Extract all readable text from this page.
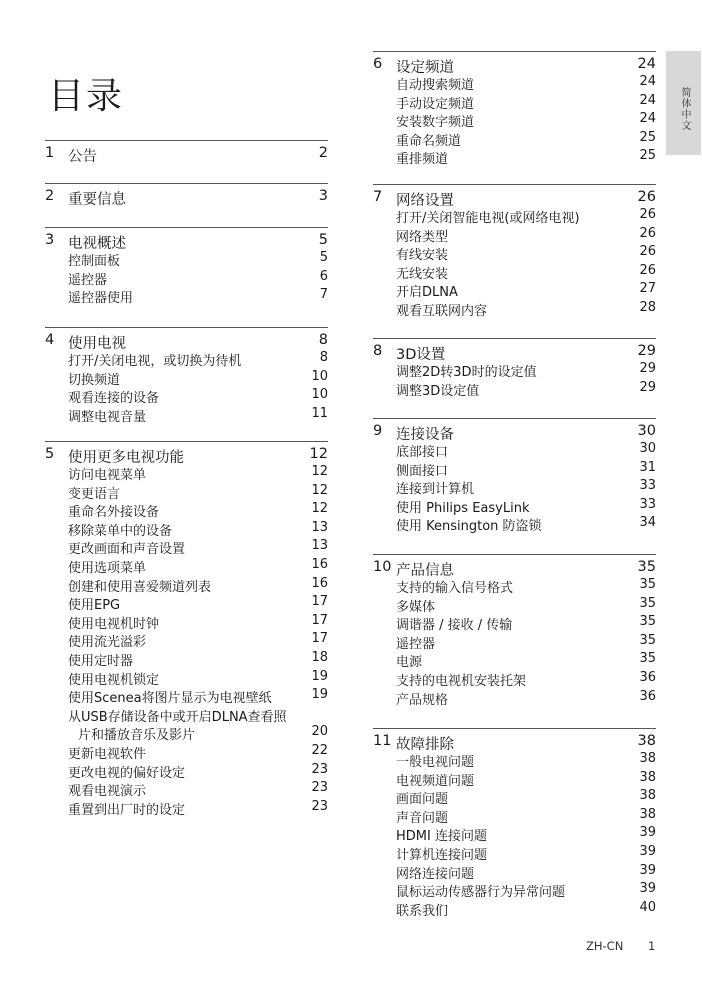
目录	简体中文
1 公告	2
2 重要信息	3
3 电视概述	5
控制面板	5
遥控器	6
遥控器使用	7
4 使用电视	8
打开/关闭电视，或切换为待机	8
切换频道	10
观看连接的设备	10
调整电视音量	11
5 使用更多电视功能	12
访问电视菜单	12
变更语言	12
重命名外接设备	12
移除菜单中的设备	13
更改画面和声音设置	13
使用选项菜单	16
创建和使用喜爱频道列表	16
使用EPG	17
使用电视机时钟	17
使用流光溢彩	17
使用定时器	18
使用电视机锁定	19
使用Scenea将图片显示为电视壁纸	19
从USB存储设备中或开启DLNA查看照
片和播放音乐及影片	20
更新电视软件	22
更改电视的偏好设定	23
观看电视演示	23
重置到出厂时的设定	23
6 设定频道	24
自动搜索频道	24
手动设定频道	24
安装数字频道	24
重命名频道	25
重排频道	25
7 网络设置	26
打开/关闭智能电视(或网络电视)	26
网络类型	26
有线安装	26
无线安装	26
开启DLNA	27
观看互联网内容	28
8 3D设置	29
调整2D转3D时的设定值	29
调整3D设定值	29
9 连接设备	30
底部接口	30
侧面接口	31
连接到计算机	33
使用 Philips EasyLink	33
使用 Kensington 防盗锁	34
10 产品信息	35
支持的输入信号格式	35
多媒体	35
调谐器 / 接收 / 传输	35
遥控器	35
电源	35
支持的电视机安装托架	36
产品规格	36
11 故障排除	38
一般电视问题	38
电视频道问题	38
画面问题	38
声音问题	38
HDMI 连接问题	39
计算机连接问题	39
网络连接问题	39
鼠标运动传感器行为异常问题	39
联系我们	40
ZH-CN 1
